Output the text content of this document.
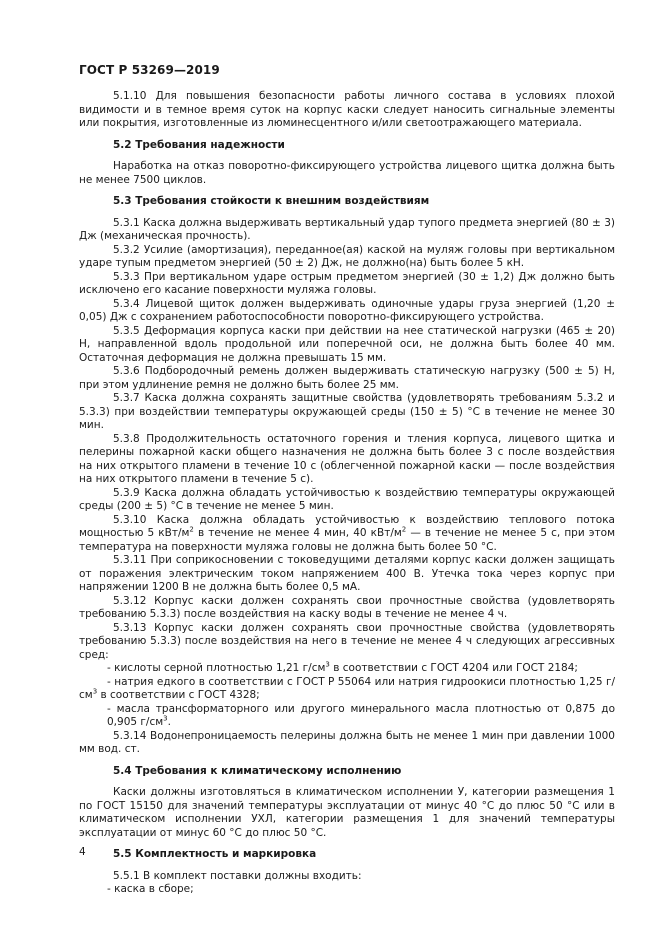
ГОСТ Р 53269—2019

5.1.10 Для повышения безопасности работы личного состава в условиях плохой видимости и в темное время суток на корпус каски следует наносить сигнальные элементы или покрытия, изготовленные из люминесцентного и/или светоотражающего материала.

5.2 Требования надежности

Наработка на отказ поворотно-фиксирующего устройства лицевого щитка должна быть не менее 7500 циклов.

5.3 Требования стойкости к внешним воздействиям

5.3.1 Каска должна выдерживать вертикальный удар тупого предмета энергией (80 ± 3) Дж (механическая прочность).

5.3.2 Усилие (амортизация), переданное(ая) каской на муляж головы при вертикальном ударе тупым предметом энергией (50 ± 2) Дж, не должно(на) быть более 5 кН.

5.3.3 При вертикальном ударе острым предметом энергией (30 ± 1,2) Дж должно быть исключено его касание поверхности муляжа головы.

5.3.4 Лицевой щиток должен выдерживать одиночные удары груза энергией (1,20 ± 0,05) Дж с сохранением работоспособности поворотно-фиксирующего устройства.

5.3.5 Деформация корпуса каски при действии на нее статической нагрузки (465 ± 20) Н, направленной вдоль продольной или поперечной оси, не должна быть более 40 мм. Остаточная деформация не должна превышать 15 мм.

5.3.6 Подбородочный ремень должен выдерживать статическую нагрузку (500 ± 5) Н, при этом удлинение ремня не должно быть более 25 мм.

5.3.7 Каска должна сохранять защитные свойства (удовлетворять требованиям 5.3.2 и 5.3.3) при воздействии температуры окружающей среды (150 ± 5) °С в течение не менее 30 мин.

5.3.8 Продолжительность остаточного горения и тления корпуса, лицевого щитка и пелерины пожарной каски общего назначения не должна быть более 3 с после воздействия на них открытого пламени в течение 10 с (облегченной пожарной каски — после воздействия на них открытого пламени в течение 5 с).

5.3.9 Каска должна обладать устойчивостью к воздействию температуры окружающей среды (200 ± 5) °С в течение не менее 5 мин.

5.3.10 Каска должна обладать устойчивостью к воздействию теплового потока мощностью 5 кВт/$м^2$ в течение не менее 4 мин, 40 кВт/$м^2$ — в течение не менее 5 с, при этом температура на поверхности муляжа головы не должна быть более 50 °С.

5.3.11 При соприкосновении с токоведущими деталями корпус каски должен защищать от поражения электрическим током напряжением 400 В. Утечка тока через корпус при напряжении 1200 В не должна быть более 0,5 мА.

5.3.12 Корпус каски должен сохранять свои прочностные свойства (удовлетворять требованию 5.3.3) после воздействия на каску воды в течение не менее 4 ч.

5.3.13 Корпус каски должен сохранять свои прочностные свойства (удовлетворять требованию 5.3.3) после воздействия на него в течение не менее 4 ч следующих агрессивных сред:

- кислоты серной плотностью 1,21 $г/см^3$ в соответствии с ГОСТ 4204 или ГОСТ 2184;

- натрия едкого в соответствии с ГОСТ Р 55064 или натрия гидроокиси плотностью 1,25 $г/см^3$ в соответствии с ГОСТ 4328;

- масла трансформаторного или другого минерального масла плотностью от 0,875 до 0,905 $г/см^3$.

5.3.14 Водонепроницаемость пелерины должна быть не менее 1 мин при давлении 1000 мм вод. ст.

5.4 Требования к климатическому исполнению

Каски должны изготовляться в климатическом исполнении У, категории размещения 1 по ГОСТ 15150 для значений температуры эксплуатации от минус 40 °С до плюс 50 °С или в климатическом исполнении УХЛ, категории размещения 1 для значений температуры эксплуатации от минус 60 °С до плюс 50 °С.

5.5 Комплектность и маркировка

5.5.1 В комплект поставки должны входить:

- каска в сборе;

4
